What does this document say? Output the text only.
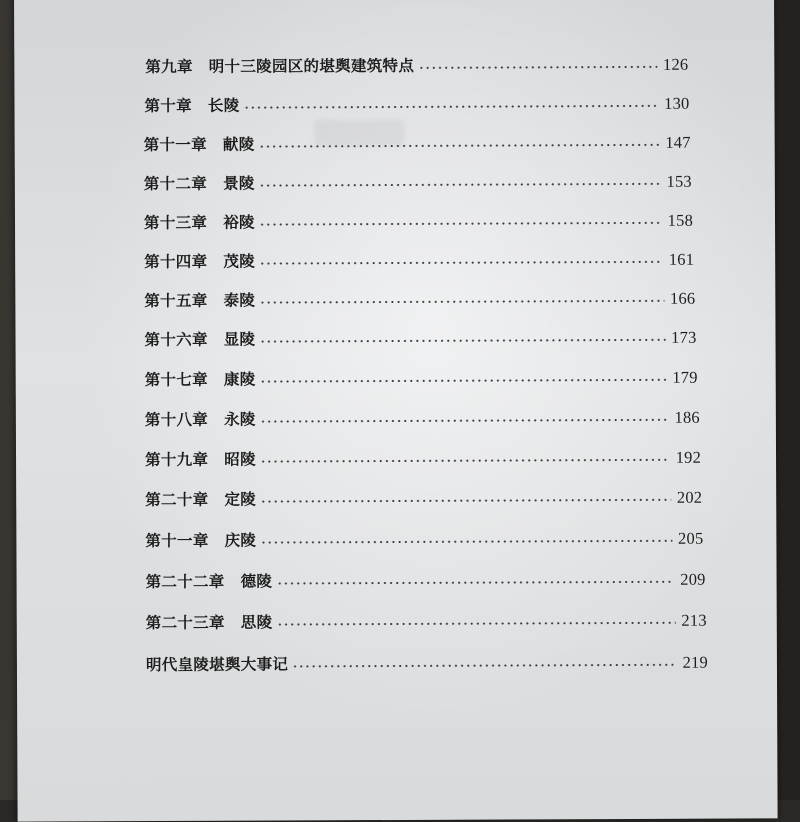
第九章 明十三陵园区的堪舆建筑特点	126
第十章 长陵	130
第十一章 献陵	147
第十二章 景陵	153
第十三章 裕陵	158
第十四章 茂陵	161
第十五章 泰陵	166
第十六章 显陵	173
第十七章 康陵	179
第十八章 永陵	186
第十九章 昭陵	192
第二十章 定陵	202
第十一章 庆陵	205
第二十二章 德陵	209
第二十三章 思陵	213
明代皇陵堪舆大事记	219
